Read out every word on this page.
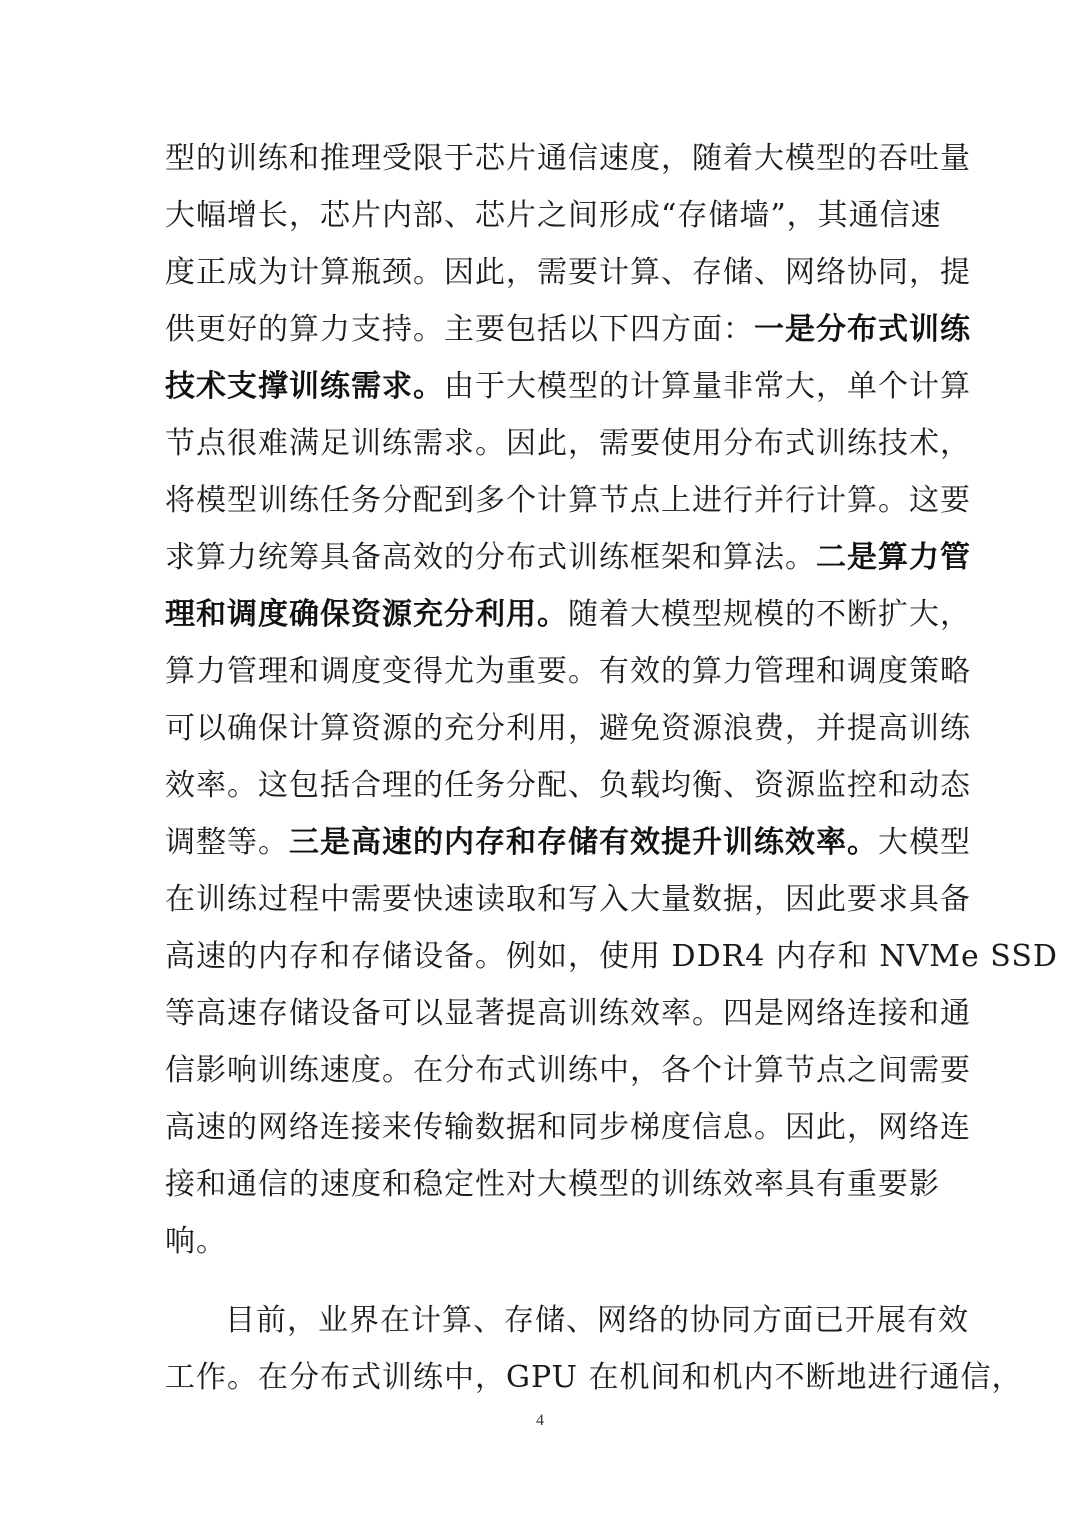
型的训练和推理受限于芯片通信速度，随着大模型的吞吐量
大幅增长，芯片内部、芯片之间形成“存储墙”，其通信速
度正成为计算瓶颈。因此，需要计算、存储、网络协同，提
供更好的算力支持。主要包括以下四方面：一是分布式训练
技术支撑训练需求。由于大模型的计算量非常大，单个计算
节点很难满足训练需求。因此，需要使用分布式训练技术，
将模型训练任务分配到多个计算节点上进行并行计算。这要
求算力统筹具备高效的分布式训练框架和算法。二是算力管
理和调度确保资源充分利用。随着大模型规模的不断扩大，
算力管理和调度变得尤为重要。有效的算力管理和调度策略
可以确保计算资源的充分利用，避免资源浪费，并提高训练
效率。这包括合理的任务分配、负载均衡、资源监控和动态
调整等。三是高速的内存和存储有效提升训练效率。大模型
在训练过程中需要快速读取和写入大量数据，因此要求具备
高速的内存和存储设备。例如，使用 DDR4 内存和 NVMe SSD
等高速存储设备可以显著提高训练效率。四是网络连接和通
信影响训练速度。在分布式训练中，各个计算节点之间需要
高速的网络连接来传输数据和同步梯度信息。因此，网络连
接和通信的速度和稳定性对大模型的训练效率具有重要影
响。
目前，业界在计算、存储、网络的协同方面已开展有效
工作。在分布式训练中，GPU 在机间和机内不断地进行通信，
4
